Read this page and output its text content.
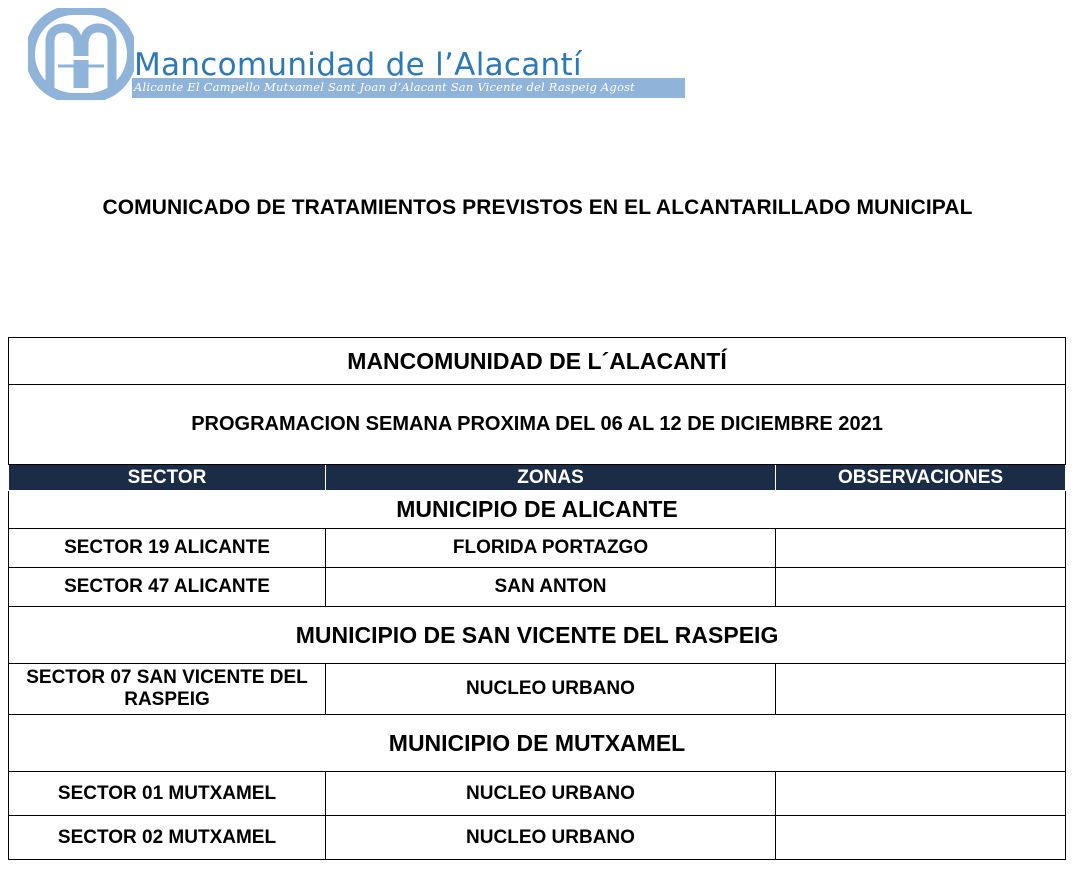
Mancomunidad de l’Alacantí
Alicante El Campello Mutxamel Sant Joan d’Alacant San Vicente del Raspeig Agost
COMUNICADO DE TRATAMIENTOS PREVISTOS EN EL ALCANTARILLADO MUNICIPAL
MANCOMUNIDAD DE L´ALACANTÍ		
PROGRAMACION SEMANA PROXIMA DEL 06 AL 12 DE DICIEMBRE 2021		
SECTOR	ZONAS	OBSERVACIONES
MUNICIPIO DE ALICANTE		
SECTOR 19 ALICANTE	FLORIDA PORTAZGO	
SECTOR 47 ALICANTE	SAN ANTON	
MUNICIPIO DE SAN VICENTE DEL RASPEIG		
SECTOR 07 SAN VICENTE DEL RASPEIG	NUCLEO URBANO	
MUNICIPIO DE MUTXAMEL		
SECTOR 01 MUTXAMEL	NUCLEO URBANO	
SECTOR 02 MUTXAMEL	NUCLEO URBANO	
